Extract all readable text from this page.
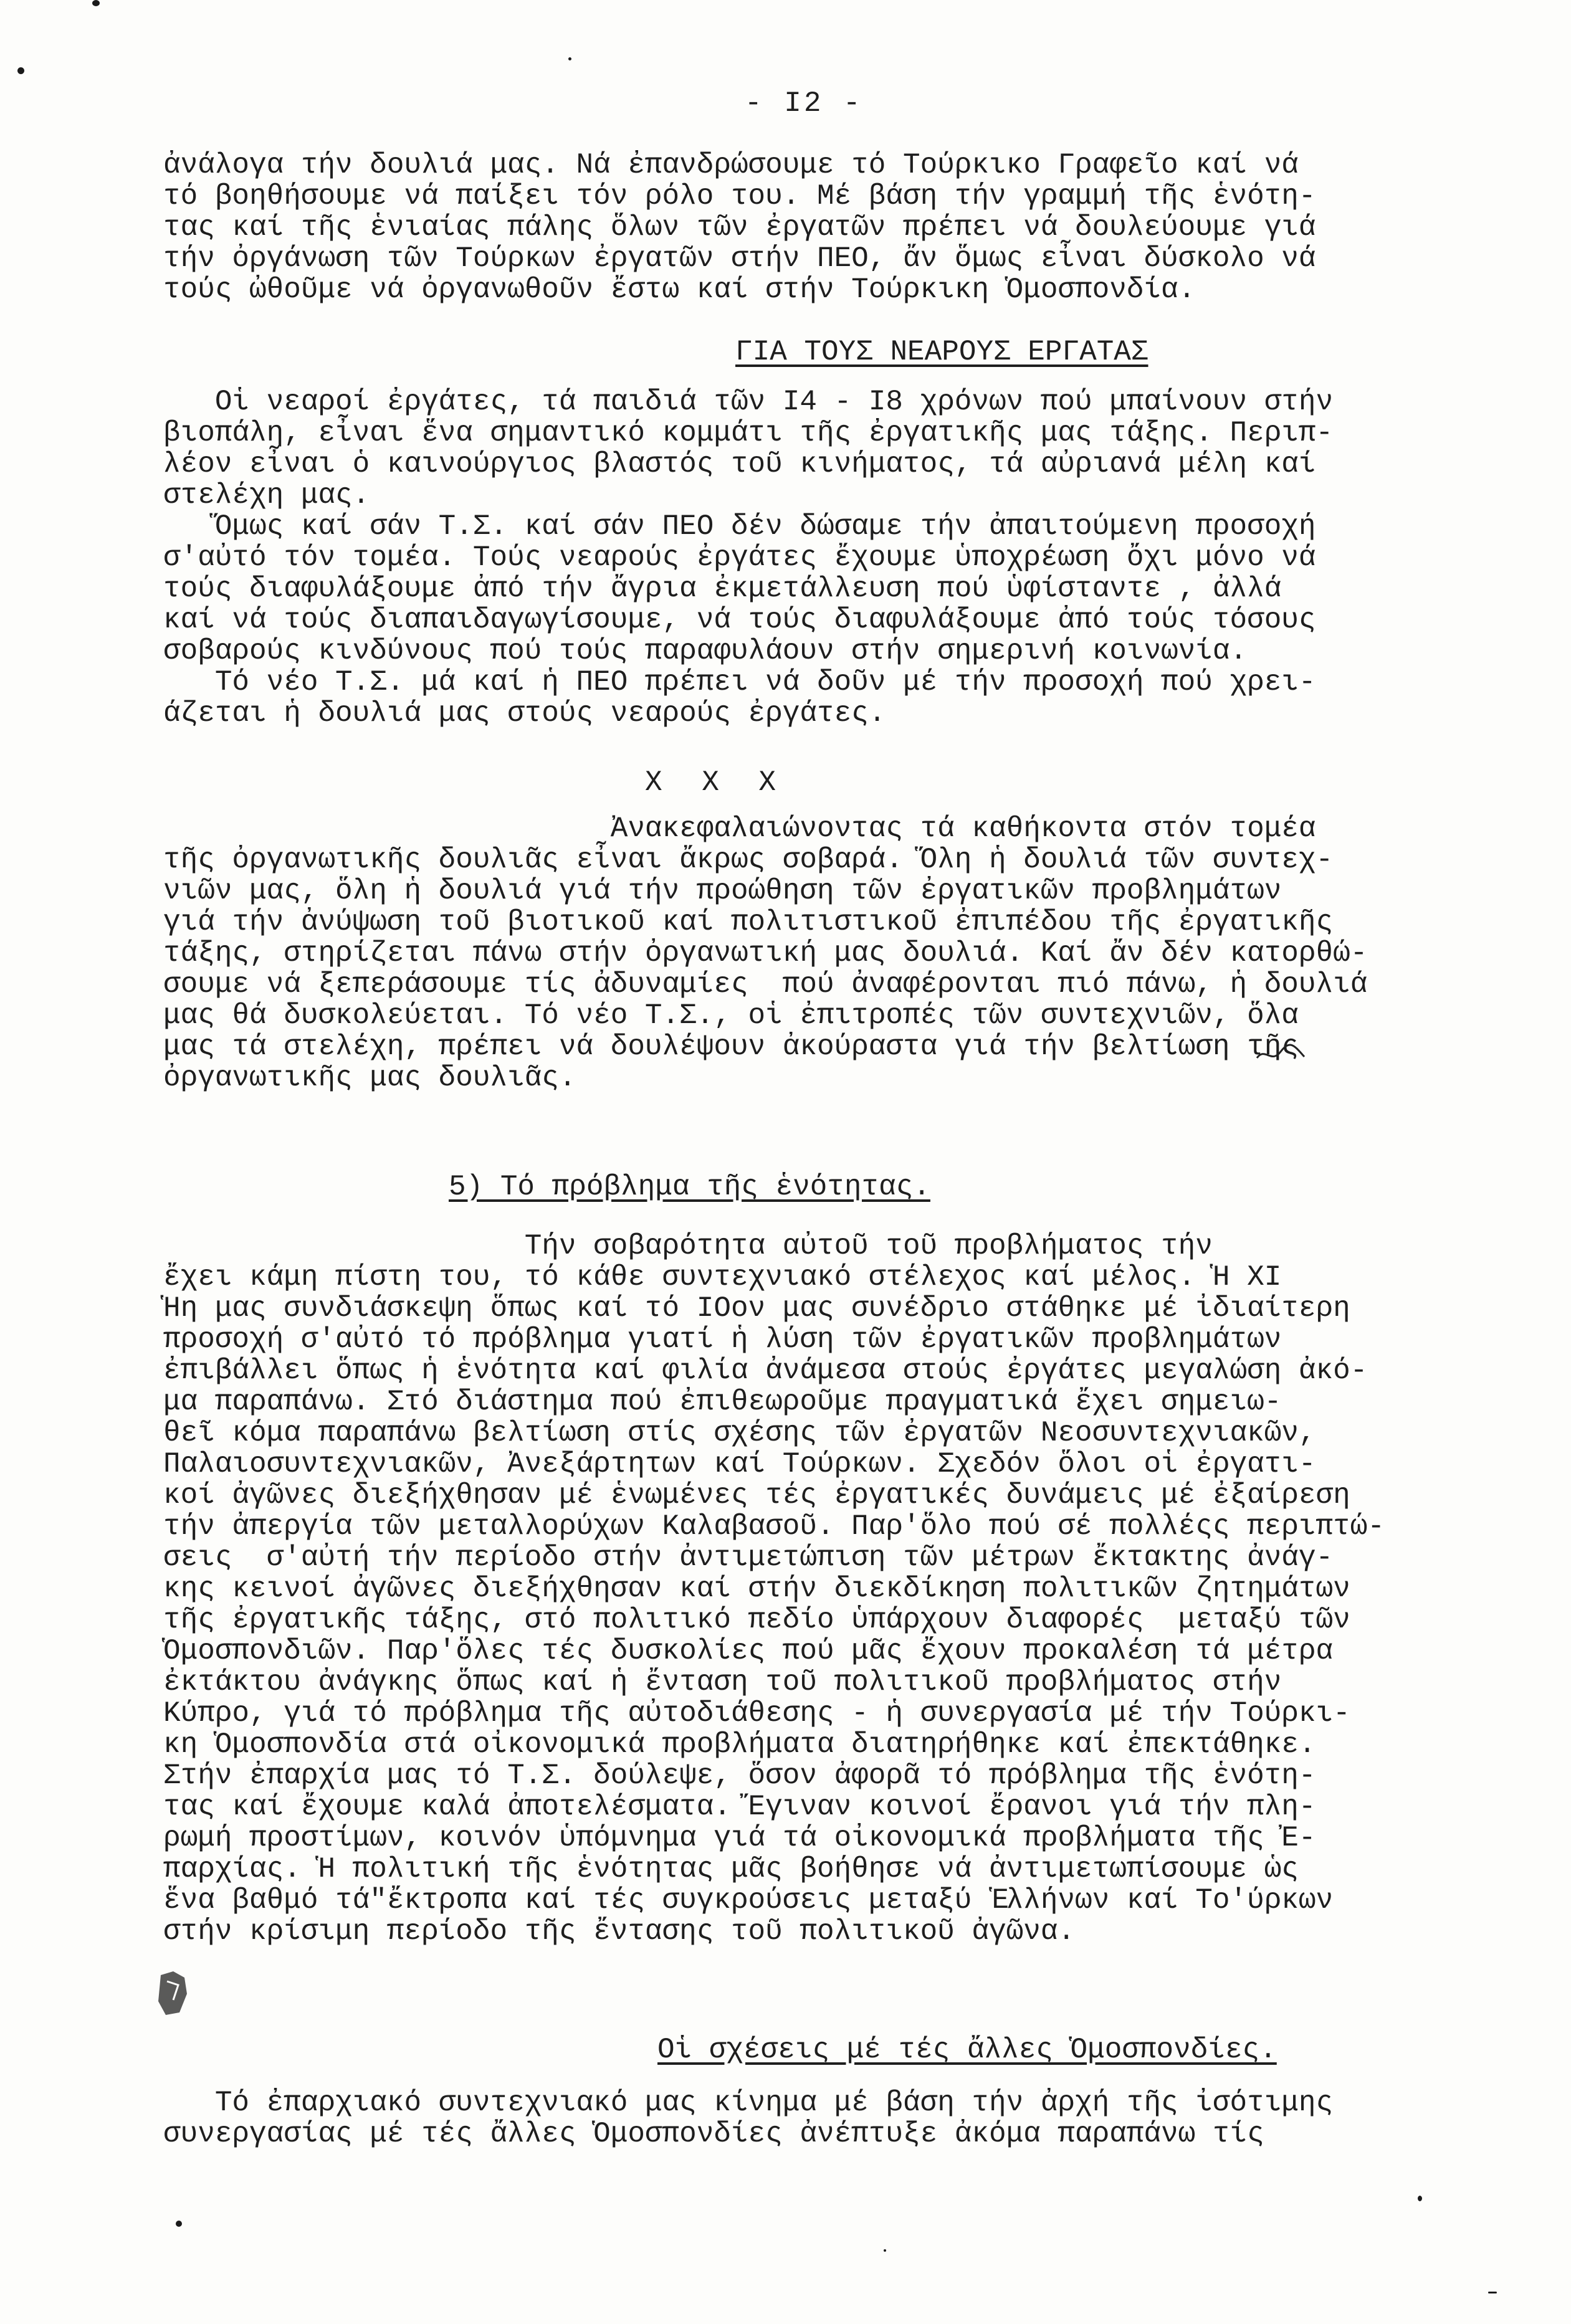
- I2 -
ἀνάλογα τήν δουλιά μας. Νά ἐπανδρώσουμε τό Τούρκικο Γραφεῖο καί νά
τό βοηθήσουμε νά παίξει τόν ρόλο του. Μέ βάση τήν γραμμή τῆς ἑνότη-
τας καί τῆς ἑνιαίας πάλης ὅλων τῶν ἐργατῶν πρέπει νά δουλεύουμε γιά
τήν ὀργάνωση τῶν Τούρκων ἐργατῶν στήν ΠΕΟ, ἄν ὅμως εἶναι δύσκολο νά
τούς ὠθοῦμε νά ὀργανωθοῦν ἔστω καί στήν Τούρκικη Ὁμοσπονδία.
ΓΙΑ ΤΟΥΣ ΝΕΑΡΟΥΣ ΕΡΓΑΤΑΣ
Οἱ νεαροί ἐργάτες, τά παιδιά τῶν Ι4 - Ι8 χρόνων πού μπαίνουν στήν
βιοπάλη, εἶναι ἕνα σημαντικό κομμάτι τῆς ἐργατικῆς μας τάξης. Περιπ-
λέον εἶναι ὁ καινούργιος βλαστός τοῦ κινήματος, τά αὐριανά μέλη καί
στελέχη μας.
Ὅμως καί σάν Τ.Σ. καί σάν ΠΕΟ δέν δώσαμε τήν ἀπαιτούμενη προσοχή
σ'αὐτό τόν τομέα. Τούς νεαρούς ἐργάτες ἔχουμε ὑποχρέωση ὄχι μόνο νά
τούς διαφυλάξουμε ἀπό τήν ἄγρια ἐκμετάλλευση πού ὑφίσταντε , ἀλλά
καί νά τούς διαπαιδαγωγίσουμε, νά τούς διαφυλάξουμε ἀπό τούς τόσους
σοβαρούς κινδύνους πού τούς παραφυλάουν στήν σημερινή κοινωνία.
Τό νέο Τ.Σ. μά καί ἡ ΠΕΟ πρέπει νά δοῦν μέ τήν προσοχή πού χρει-
άζεται ἡ δουλιά μας στούς νεαρούς ἐργάτες.
X X X
Ἀνακεφαλαιώνοντας τά καθήκοντα στόν τομέα
τῆς ὀργανωτικῆς δουλιᾶς εἶναι ἄκρως σοβαρά. Ὅλη ἡ δουλιά τῶν συντεχ-
νιῶν μας, ὅλη ἡ δουλιά γιά τήν προώθηση τῶν ἐργατικῶν προβλημάτων
γιά τήν ἀνύψωση τοῦ βιοτικοῦ καί πολιτιστικοῦ ἐπιπέδου τῆς ἐργατικῆς
τάξης, στηρίζεται πάνω στήν ὀργανωτική μας δουλιά. Καί ἄν δέν κατορθώ-
σουμε νά ξεπεράσουμε τίς ἀδυναμίες  πού ἀναφέρονται πιό πάνω, ἡ δουλιά
μας θά δυσκολεύεται. Τό νέο Τ.Σ., οἱ ἐπιτροπές τῶν συντεχνιῶν, ὅλα
μας τά στελέχη, πρέπει νά δουλέψουν ἀκούραστα γιά τήν βελτίωση τῆς
ὀργανωτικῆς μας δουλιᾶς.
5) Τό πρόβλημα τῆς ἑνότητας.
Τήν σοβαρότητα αὐτοῦ τοῦ προβλήματος τήν
ἔχει κάμη πίστη του, τό κάθε συντεχνιακό στέλεχος καί μέλος. Ἡ ΧΙ
Ἡη μας συνδιάσκεψη ὅπως καί τό ΙΟον μας συνέδριο στάθηκε μέ ἰδιαίτερη
προσοχή σ'αὐτό τό πρόβλημα γιατί ἡ λύση τῶν ἐργατικῶν προβλημάτων
ἐπιβάλλει ὅπως ἡ ἑνότητα καί φιλία ἀνάμεσα στούς ἐργάτες μεγαλώση ἀκό-
μα παραπάνω. Στό διάστημα πού ἐπιθεωροῦμε πραγματικά ἔχει σημειω-
θεῖ κόμα παραπάνω βελτίωση στίς σχέσης τῶν ἐργατῶν Νεοσυντεχνιακῶν,
Παλαιοσυντεχνιακῶν, Ἀνεξάρτητων καί Τούρκων. Σχεδόν ὅλοι οἱ ἐργατι-
κοί ἀγῶνες διεξήχθησαν μέ ἑνωμένες τές ἐργατικές δυνάμεις μέ ἐξαίρεση
τήν ἀπεργία τῶν μεταλλορύχων Καλαβασοῦ. Παρ'ὅλο πού σέ πολλέςς περιπτώ-
σεις  σ'αὐτή τήν περίοδο στήν ἀντιμετώπιση τῶν μέτρων ἔκτακτης ἀνάγ-
κης κεινοί ἀγῶνες διεξήχθησαν καί στήν διεκδίκηση πολιτικῶν ζητημάτων
τῆς ἐργατικῆς τάξης, στό πολιτικό πεδίο ὑπάρχουν διαφορές  μεταξύ τῶν
Ὁμοσπονδιῶν. Παρ'ὅλες τές δυσκολίες πού μᾶς ἔχουν προκαλέση τά μέτρα
ἐκτάκτου ἀνάγκης ὅπως καί ἡ ἔνταση τοῦ πολιτικοῦ προβλήματος στήν
Κύπρο, γιά τό πρόβλημα τῆς αὐτοδιάθεσης - ἡ συνεργασία μέ τήν Τούρκι-
κη Ὁμοσπονδία στά οἰκονομικά προβλήματα διατηρήθηκε καί ἐπεκτάθηκε.
Στήν ἐπαρχία μας τό Τ.Σ. δούλεψε, ὅσον ἀφορᾶ τό πρόβλημα τῆς ἑνότη-
τας καί ἔχουμε καλά ἀποτελέσματα. Ἔγιναν κοινοί ἔρανοι γιά τήν πλη-
ρωμή προστίμων, κοινόν ὑπόμνημα γιά τά οἰκονομικά προβλήματα τῆς Ἐ-
παρχίας. Ἡ πολιτική τῆς ἑνότητας μᾶς βοήθησε νά ἀντιμετωπίσουμε ὡς
ἕνα βαθμό τά"ἔκτροπα καί τές συγκρούσεις μεταξύ Ἑλλήνων καί Το'ύρκων
στήν κρίσιμη περίοδο τῆς ἔντασης τοῦ πολιτικοῦ ἀγῶνα.
Οἱ σχέσεις μέ τές ἄλλες Ὁμοσπονδίες.
Τό ἐπαρχιακό συντεχνιακό μας κίνημα μέ βάση τήν ἀρχή τῆς ἰσότιμης
συνεργασίας μέ τές ἄλλες Ὁμοσπονδίες ἀνέπτυξε ἀκόμα παραπάνω τίς
